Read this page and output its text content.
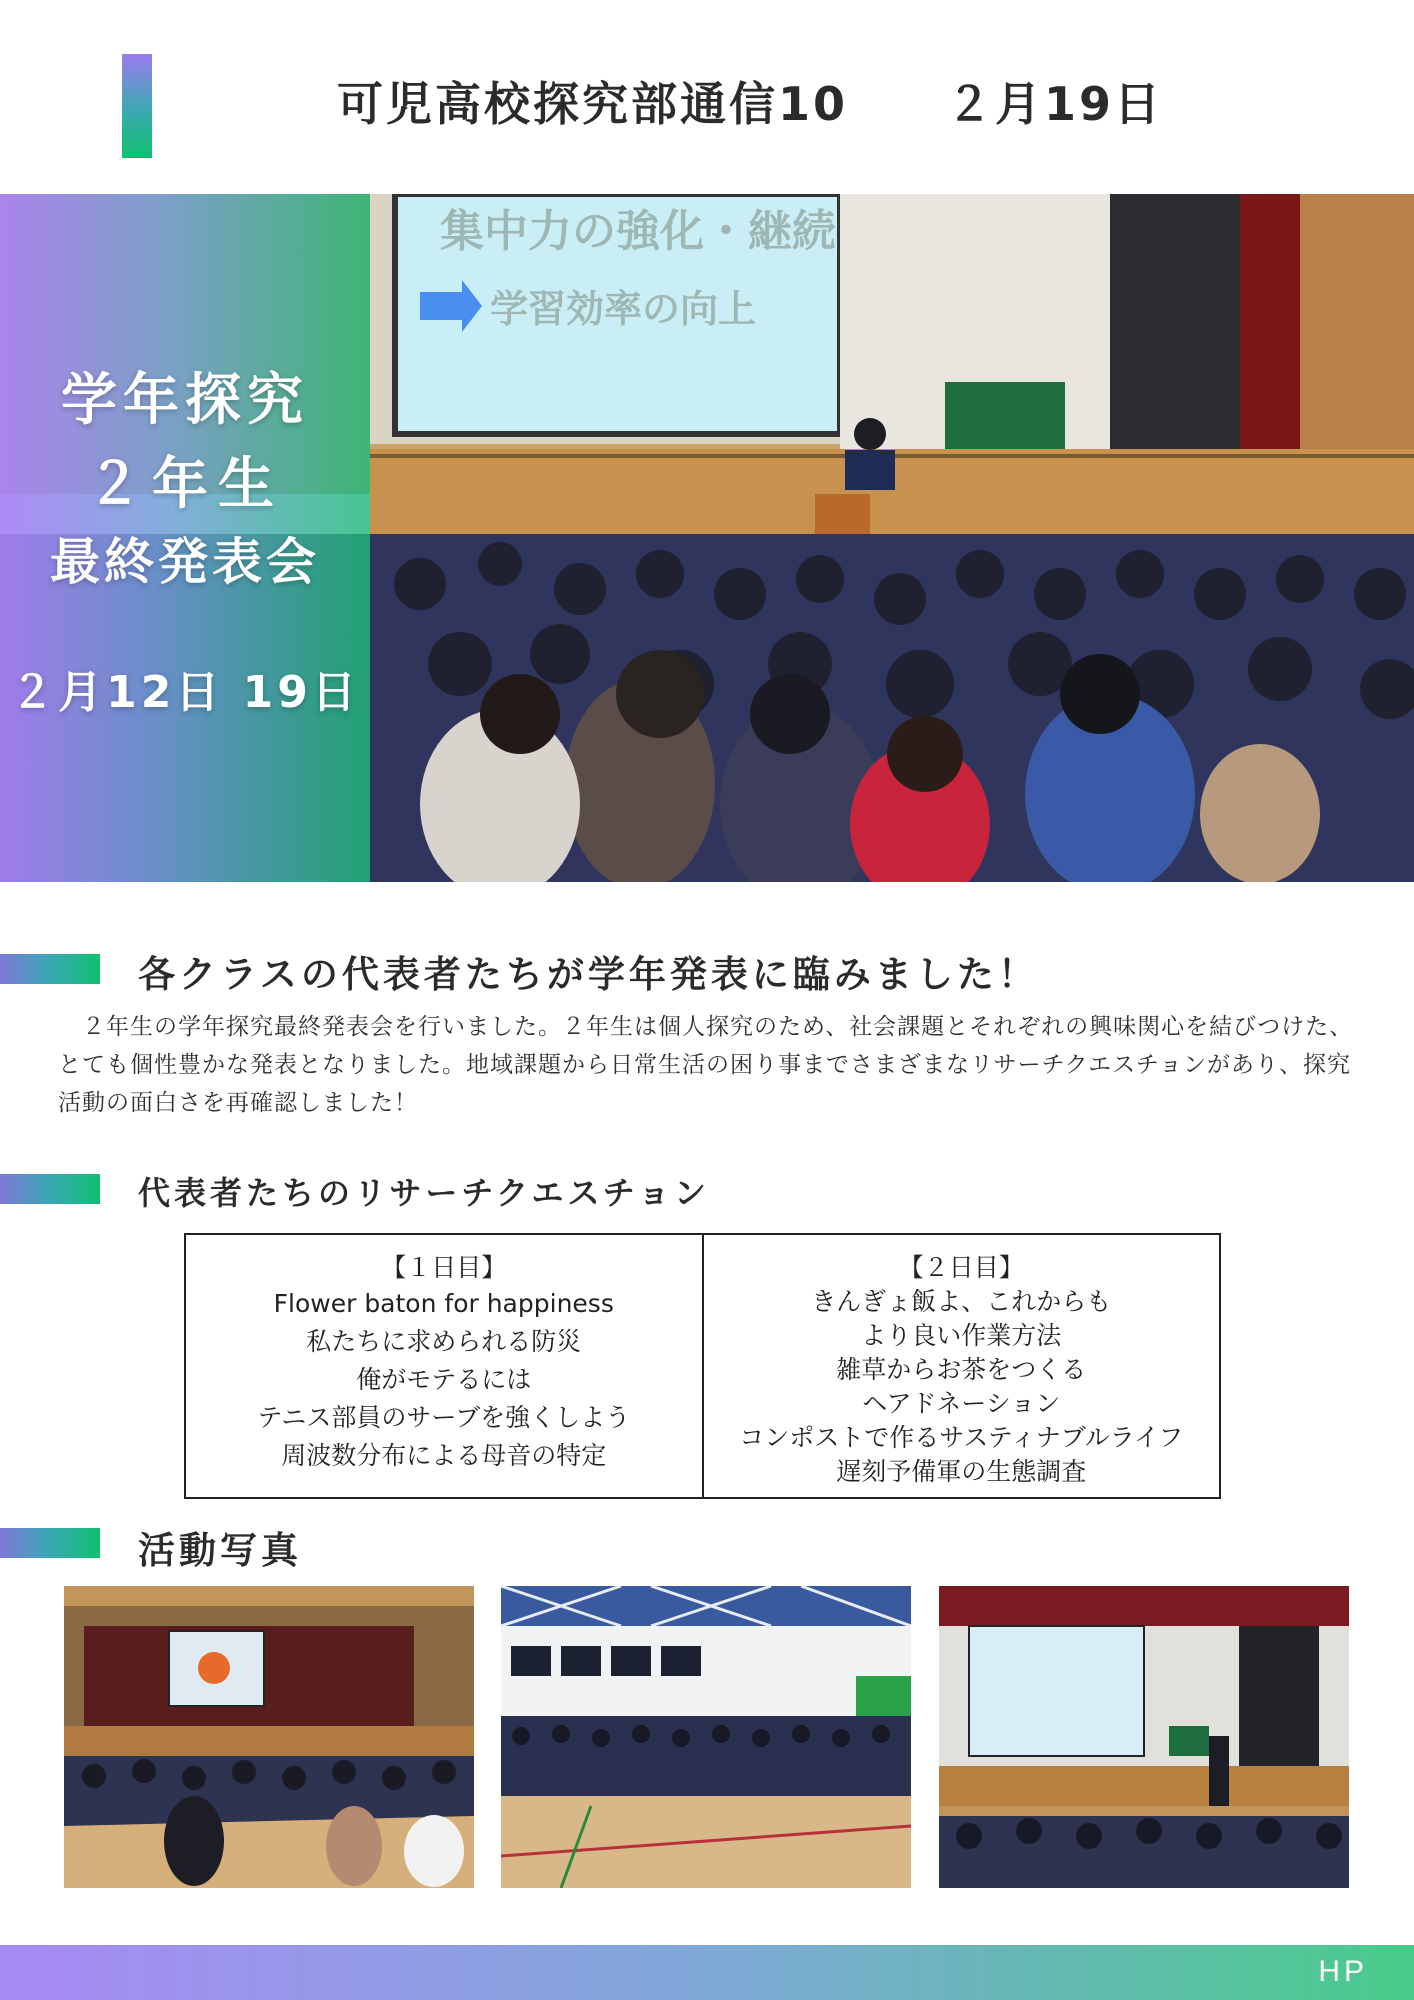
可児高校探究部通信10　　２月19日
集中力の強化・継続
学習効率の向上
学年探究
２年生
最終発表会
２月12日 19日
各クラスの代表者たちが学年発表に臨みました！
　２年生の学年探究最終発表会を行いました。２年生は個人探究のため、社会課題とそれぞれの興味関心を結びつけた、とても個性豊かな発表となりました。地域課題から日常生活の困り事までさまざまなリサーチクエスチョンがあり、探究活動の面白さを再確認しました！
代表者たちのリサーチクエスチョン
【１日目】
Flower baton for happiness
私たちに求められる防災
俺がモテるには
テニス部員のサーブを強くしよう
周波数分布による母音の特定
【２日目】
きんぎょ飯よ、これからも
より良い作業方法
雑草からお茶をつくる
ヘアドネーション
コンポストで作るサスティナブルライフ
遅刻予備軍の生態調査
活動写真
HP
